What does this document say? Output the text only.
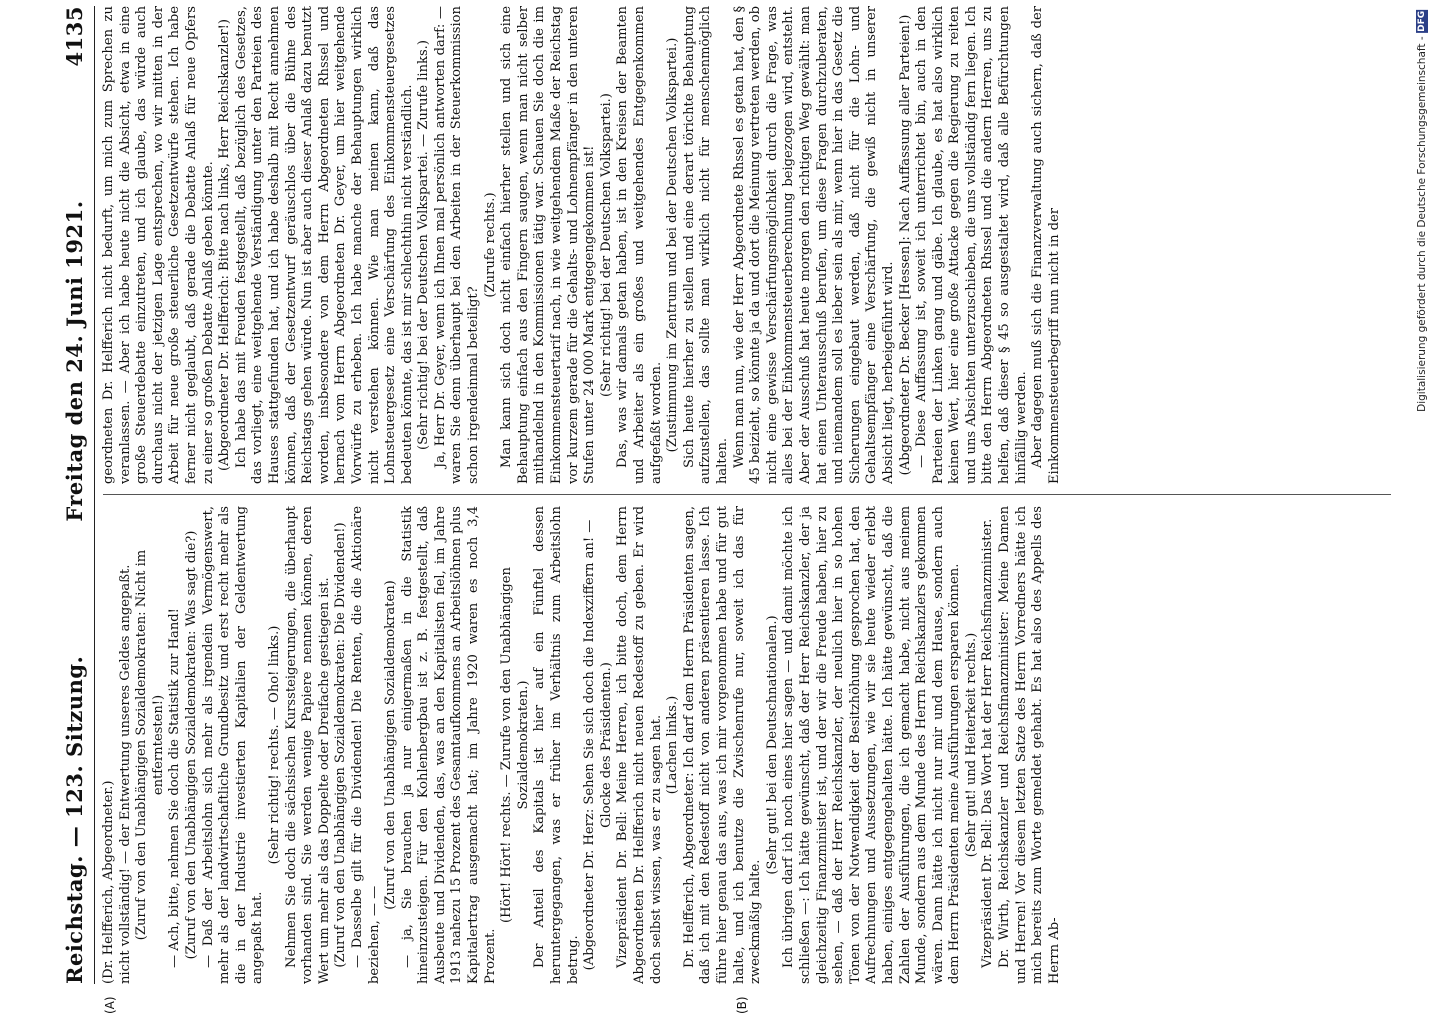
Reichstag. — 123. Sitzung.
Freitag den 24. Juni 1921.
4135
(A)	(B)

(Dr. Helfferich, Abgeordneter.) nicht vollständig! — der Entwertung unseres Geldes angepaßt. (Zuruf von den Unabhängigen Sozialdemokraten: Nicht im entferntesten!) — Ach, bitte, nehmen Sie doch die Statistik zur Hand! (Zuruf von den Unabhängigen Sozialdemokraten: Was sagt die?) — Daß der Arbeitslohn sich mehr als irgendein Vermögenswert, mehr als der landwirtschaftliche Grundbesitz und erst recht mehr als die in der Industrie investierten Kapitalien der Geldentwertung angepaßt hat.

(Sehr richtig! rechts. — Oho! links.) Nehmen Sie doch die sächsischen Kurssteigerungen, die überhaupt vorhanden sind. Sie werden wenige Papiere nennen können, deren Wert um mehr als das Doppelte oder Dreifache gestiegen ist. (Zuruf von den Unabhängigen Sozialdemokraten: Die Dividenden!) — Dasselbe gilt für die Dividenden! Die Renten, die die Aktionäre beziehen, — —

(Zuruf von den Unabhängigen Sozialdemokraten) — ja, Sie brauchen ja nur einigermaßen in die Statistik hineinzusteigen. Für den Kohlenbergbau ist z. B. festgestellt, daß Ausbeute und Dividenden, das, was an den Kapitalisten fiel, im Jahre 1913 nahezu 15 Prozent des Gesamtaufkommens an Arbeitslöhnen plus Kapitalertrag ausgemacht hat; im Jahre 1920 waren es noch 3,4 Prozent.

(Hört! Hört! rechts. — Zurufe von den Unabhängigen Sozialdemokraten.) Der Anteil des Kapitals ist hier auf ein Fünftel dessen heruntergegangen, was er früher im Verhältnis zum Arbeitslohn betrug. (Abgeordneter Dr. Herz: Sehen Sie sich doch die Indexziffern an! — Glocke des Präsidenten.) Vizepräsident Dr. Bell: Meine Herren, ich bitte doch, dem Herrn Abgeordneten Dr. Helfferich nicht neuen Redestoff zu geben. Er wird doch selbst wissen, was er zu sagen hat. (Lachen links.) Dr. Helfferich, Abgeordneter: Ich darf dem Herrn Präsidenten sagen, daß ich mit den Redestoff nicht von anderen präsentieren lasse. Ich führe hier genau das aus, was ich mir vorgenommen habe und für gut halte, und ich benutze die Zwischenrufe nur, soweit ich das für zweckmäßig halte.

(Sehr gut! bei den Deutschnationalen.) Ich übrigen darf ich noch eines hier sagen — und damit möchte ich schließen —: Ich hätte gewünscht, daß der Herr Reichskanzler, der ja gleichzeitig Finanzminister ist, und der wir die Freude haben, hier zu sehen, — daß der Herr Reichskanzler, der neulich hier in so hohen Tönen von der Notwendigkeit der Besitzhöhung gesprochen hat, den Aufrechnungen und Aussetzungen, wie wir sie heute wieder erlebt haben, einiges entgegengehalten hätte. Ich hätte gewünscht, daß die Zahlen der Ausführungen, die ich gemacht habe, nicht aus meinem Munde, sondern aus dem Munde des Herrn Reichskanzlers gekommen wären. Dann hätte ich nicht nur mir und dem Hause, sondern auch dem Herrn Präsidenten meine Ausführungen ersparen können. (Sehr gut! und Heiterkeit rechts.) Vizepräsident Dr. Bell: Das Wort hat der Herr Reichsfinanzminister. Dr. Wirth, Reichskanzler und Reichsfinanzminister: Meine Damen und Herren! Vor diesem letzten Satze des Herrn Vorredners hätte ich mich bereits zum Worte gemeldet gehabt. Es hat also des Appells des Herrn Ab-

geordneten Dr. Helfferich nicht bedurft, um mich zum Sprechen zu veranlassen. — Aber ich habe heute nicht die Absicht, etwa in eine große Steuerdebatte einzutreten, und ich glaube, das würde auch durchaus nicht der jetzigen Lage entsprechen, wo wir mitten in der Arbeit für neue große steuerliche Gesetzentwürfe stehen. Ich habe ferner nicht geglaubt, daß gerade die Debatte Anlaß für neue Opfers zu einer so großen Debatte Anlaß geben könnte. (Abgeordneter Dr. Helfferich: Bitte nach links, Herr Reichskanzler!) Ich habe das mit Freuden festgestellt, daß bezüglich des Gesetzes, das vorliegt, eine weitgehende Verständigung unter den Parteien des Hauses stattgefunden hat, und ich habe deshalb mit Recht annehmen können, daß der Gesetzentwurf geräuschlos über die Bühne des Reichstags gehen würde. Nun ist aber auch dieser Anlaß dazu benutzt worden, insbesondere von dem Herrn Abgeordneten Rhssel und hernach vom Herrn Abgeordneten Dr. Geyer, um hier weitgehende Vorwürfe zu erheben. Ich habe manche der Behauptungen wirklich nicht verstehen können. Wie man meinen kann, daß das Lohnsteuergesetz eine Verschärfung des Einkommensteuergesetzes bedeuten könnte, das ist mir schlechthin nicht verständlich. (Sehr richtig! bei der Deutschen Volkspartei. — Zurufe links.) Ja, Herr Dr. Geyer, wenn ich Ihnen mal persönlich antworten darf: — waren Sie denn überhaupt bei den Arbeiten in der Steuerkommission schon irgendeinmal beteiligt?

(Zurufe rechts.) Man kann sich doch nicht einfach hierher stellen und sich eine Behauptung einfach aus den Fingern saugen, wenn man nicht selber mithandelnd in den Kommissionen tätig war. Schauen Sie doch die im Einkommensteuertarif nach, in wie weitgehendem Maße der Reichstag vor kurzem gerade für die Gehalts- und Lohnempfänger in den unteren Stufen unter 24 000 Mark entgegengekommen ist! (Sehr richtig! bei der Deutschen Volkspartei.) Das, was wir damals getan haben, ist in den Kreisen der Beamten und Arbeiter als ein großes und weitgehendes Entgegenkommen aufgefaßt worden. (Zustimmung im Zentrum und bei der Deutschen Volkspartei.) Sich heute hierher zu stellen und eine derart törichte Behauptung aufzustellen, das sollte man wirklich nicht für menschenmöglich halten. Wenn man nun, wie der Herr Abgeordnete Rhssel es getan hat, den § 45 beizieht, so könnte ja da und dort die Meinung vertreten werden, ob nicht eine gewisse Verschärfungsmöglichkeit durch die Frage, was alles bei der Einkommensteuerberechnung beigezogen wird, entsteht. Aber der Ausschuß hat heute morgen den richtigen Weg gewählt: man hat einen Unterausschuß berufen, um diese Fragen durchzuberaten, und niemandem soll es lieber sein als mir, wenn hier in das Gesetz die Sicherungen eingebaut werden, daß nicht für die Lohn- und Gehaltsempfänger eine Verschärfung, die gewiß nicht in unserer Absicht liegt, herbeigeführt wird. (Abgeordneter Dr. Becker [Hessen]: Nach Auffassung aller Parteien!) — Diese Auffassung ist, soweit ich unterrichtet bin, auch in den Parteien der Linken gang und gäbe. Ich glaube, es hat also wirklich keinen Wert, hier eine große Attacke gegen die Regierung zu reiten und uns Absichten unterzuschieben, die uns vollständig fern liegen. Ich bitte den Herrn Abgeordneten Rhssel und die andern Herren, uns zu helfen, daß dieser § 45 so ausgestaltet wird, daß alle Befürchtungen hinfällig werden. Aber dagegen muß sich die Finanzverwaltung auch sichern, daß der Einkommensteuerbegriff nun nicht in der	Digitalisierung gefördert durch die Deutsche Forschungsgemeinschaft - DFG
